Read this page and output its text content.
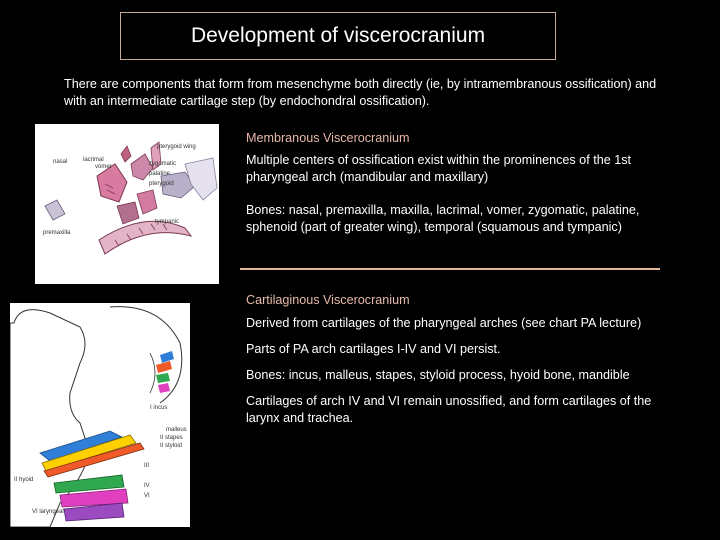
Development of viscerocranium
There are components that form from mesenchyme both directly (ie, by intramembranous ossification) and with an intermediate cartilage step (by endochondral ossification).
nasal	lacrimal
pterygoid wing
palatine
zygomatic
pterygoid
vomer
tympanic
premaxilla
I incus
malleus
II stapes
II styloid
III
II hyoid
IV
VI
VI laryngeal
Membranous Viscerocranium
Multiple centers of ossification exist within the prominences of the 1st pharyngeal arch (mandibular and maxillary)
Bones: nasal, premaxilla, maxilla, lacrimal, vomer, zygomatic, palatine, sphenoid (part of greater wing), temporal (squamous and tympanic)
Cartilaginous Viscerocranium
Derived from cartilages of the pharyngeal arches (see chart PA lecture)
Parts of PA arch cartilages I-IV and VI persist.
Bones: incus, malleus, stapes, styloid process, hyoid bone, mandible
Cartilages of arch IV and VI remain unossified, and form cartilages of the larynx and trachea.
